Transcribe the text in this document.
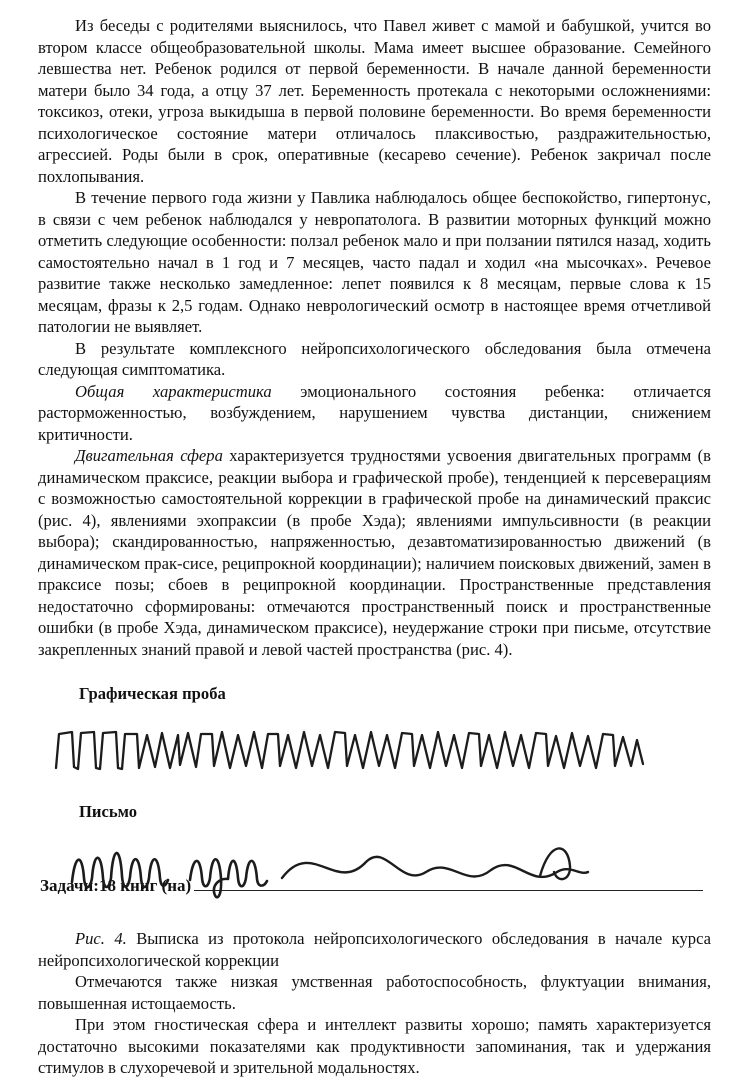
Из беседы с родителями выяснилось, что Павел живет с мамой и бабушкой, учится во втором классе общеобразовательной школы. Мама имеет высшее образование. Семейного левшества нет. Ребенок родился от первой беременности. В начале данной беременности матери было 34 года, а отцу 37 лет. Беременность протекала с некоторыми осложнениями: токсикоз, отеки, угроза выкидыша в первой половине беременности. Во время беременности психологическое состояние матери отличалось плаксивостью, раздражительностью, агрессией. Роды были в срок, оперативные (кесарево сечение). Ребенок закричал после похлопывания.

В течение первого года жизни у Павлика наблюдалось общее беспокойство, гипертонус, в связи с чем ребенок наблюдался у невропатолога. В развитии моторных функций можно отметить следующие особенности: ползал ребенок мало и при ползании пятился назад, ходить самостоятельно начал в 1 год и 7 месяцев, часто падал и ходил «на мысочках». Речевое развитие также несколько замедленное: лепет появился к 8 месяцам, первые слова к 15 месяцам, фразы к 2,5 годам. Однако неврологический осмотр в настоящее время отчетливой патологии не выявляет.

В результате комплексного нейропсихологического обследования была отмечена следующая симптоматика.

Общая характеристика эмоционального состояния ребенка: отличается расторможенностью, возбуждением, нарушением чувства дистанции, снижением критичности.

Двигательная сфера характеризуется трудностями усвоения двигательных программ (в динамическом праксисе, реакции выбора и графической пробе), тенденцией к персеверациям с возможностью самостоятельной коррекции в графической пробе на динамический праксис (рис. 4), явлениями эхопраксии (в пробе Хэда); явлениями импульсивности (в реакции выбора); скандированностью, напряженностью, дезавтоматизированностью движений (в динамическом прак-сисе, реципрокной координации); наличием поисковых движений, замен в праксисе позы; сбоев в реципрокной координации. Пространственные представления недостаточно сформированы: отмечаются пространственный поиск и пространственные ошибки (в пробе Хэда, динамическом праксисе), неудержание строки при письме, отсутствие закрепленных знаний правой и левой частей пространства (рис. 4).

Графическая проба

Письмо

Задачи: 18 книг (на)

Рис. 4. Выписка из протокола нейропсихологического обследования в начале курса нейропсихологической коррекции

Отмечаются также низкая умственная работоспособность, флуктуации внимания, повышенная истощаемость.

При этом гностическая сфера и интеллект развиты хорошо; память характеризуется достаточно высокими показателями как продуктивности запоминания, так и удержания стимулов в слухоречевой и зрительной модальностях.
